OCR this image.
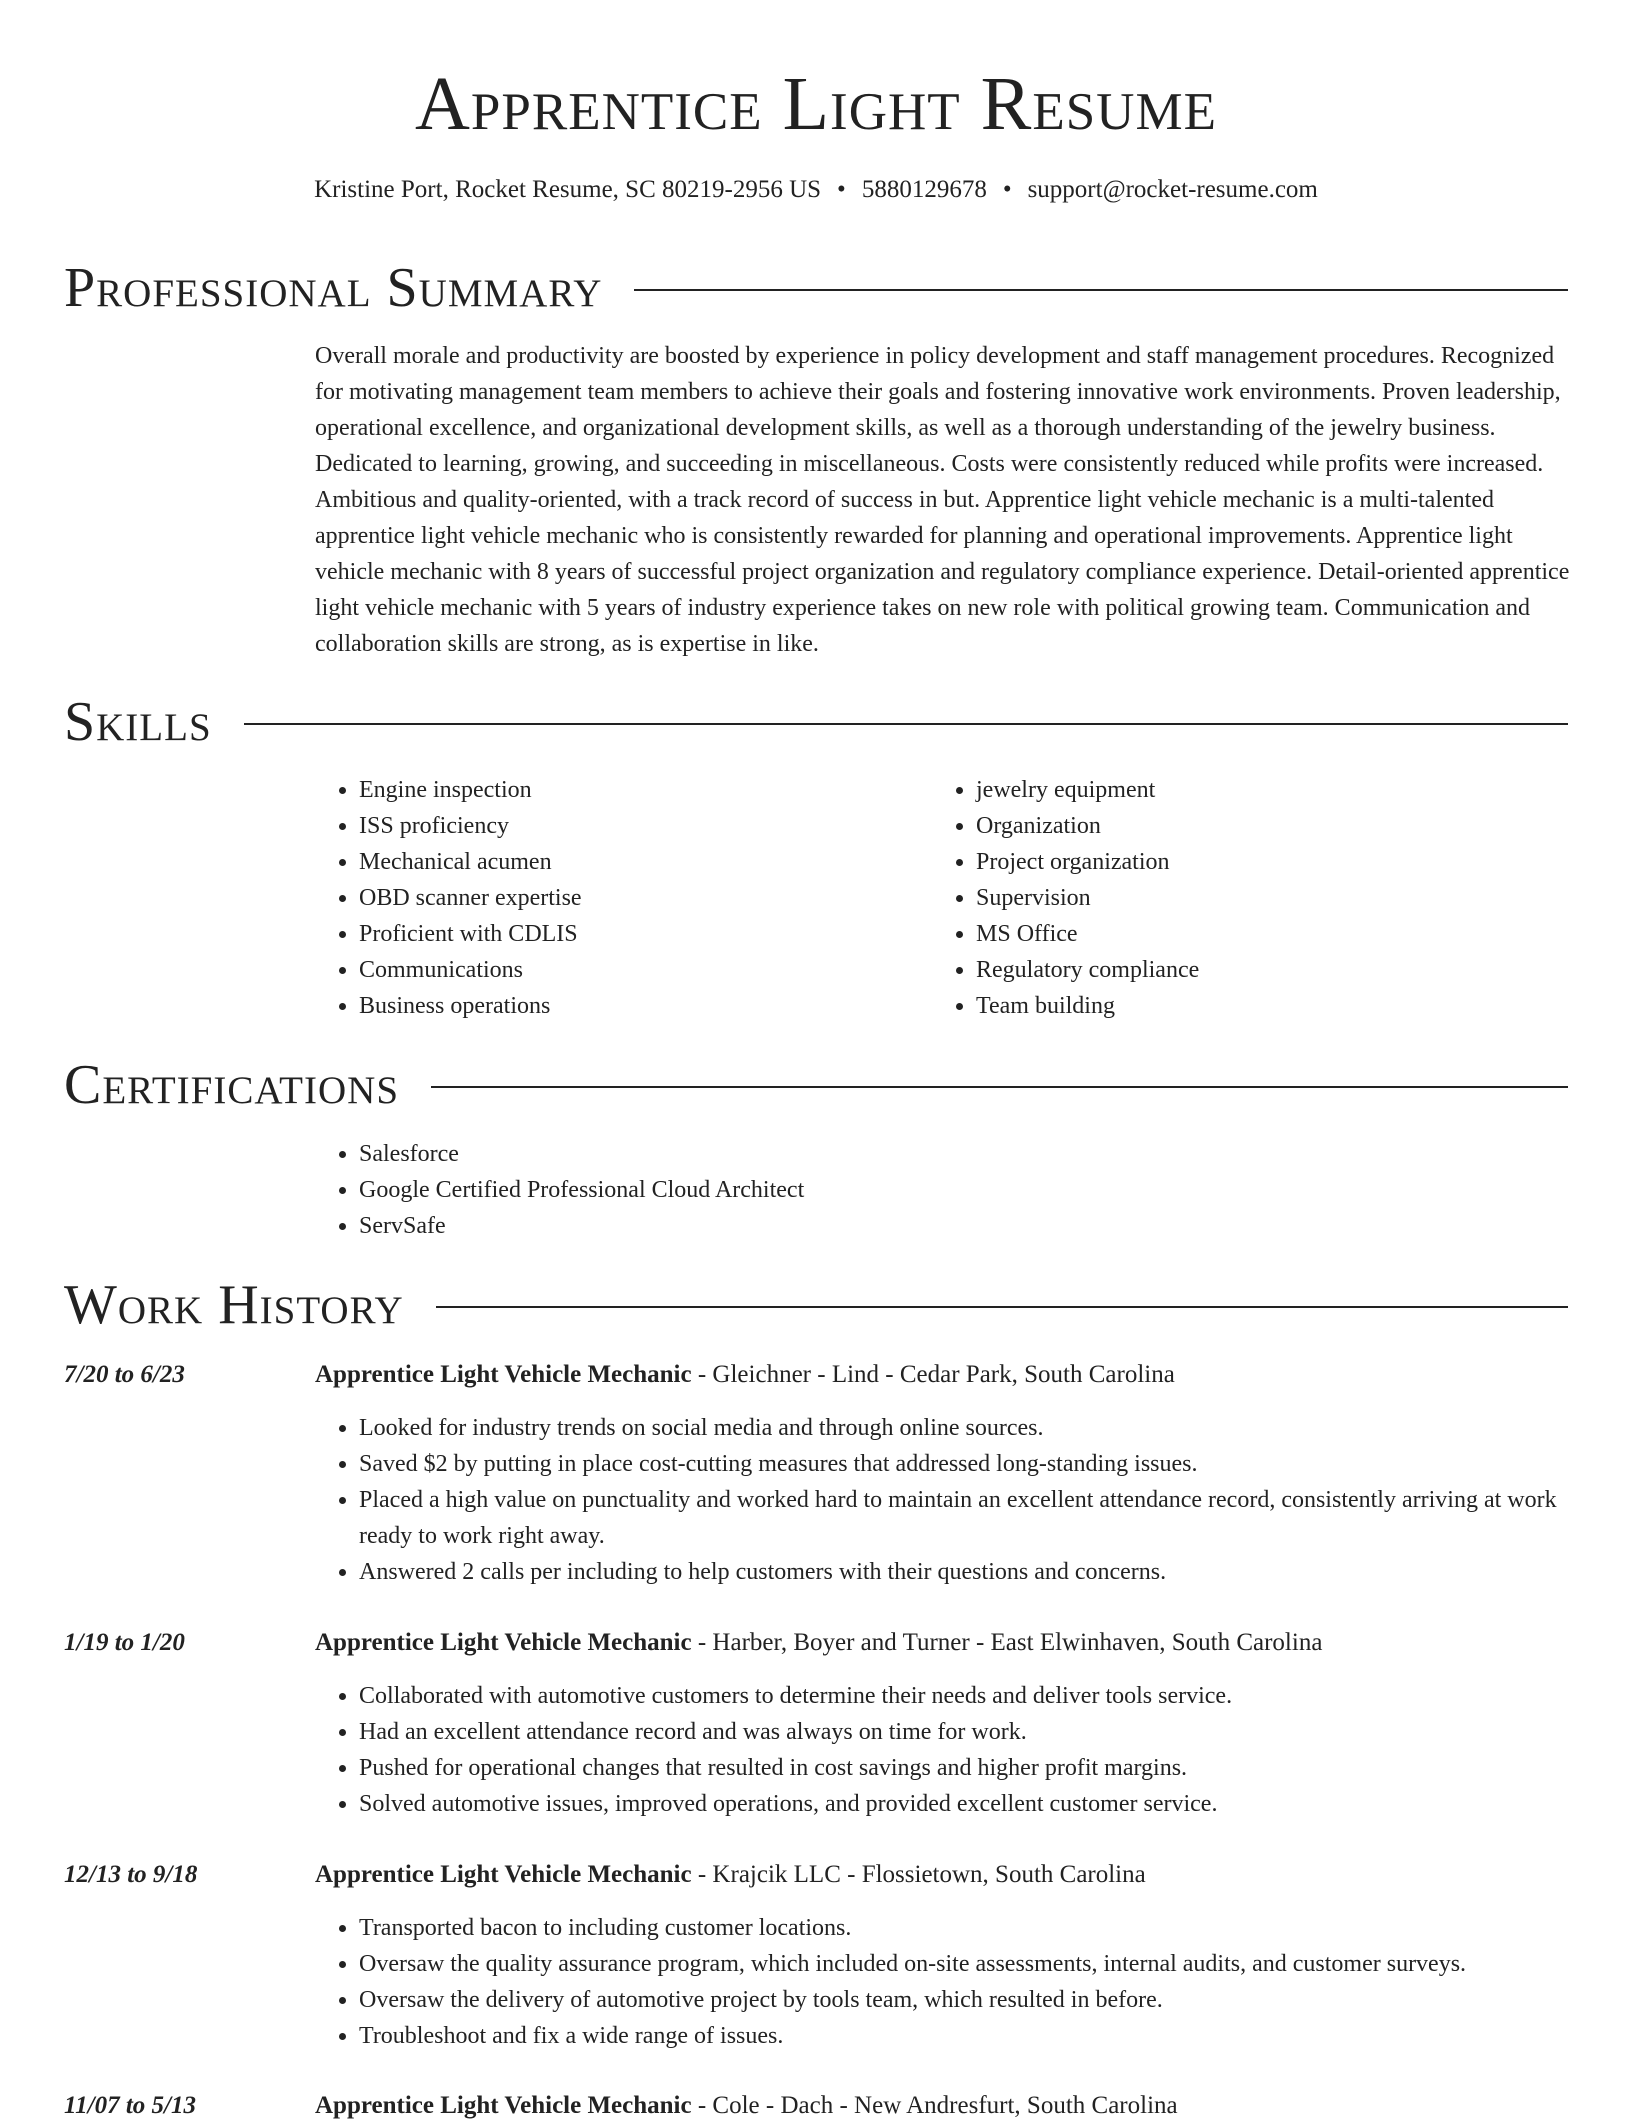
Apprentice Light Resume
Kristine Port, Rocket Resume, SC 80219-2956 US • 5880129678 • support@rocket-resume.com
Professional Summary

Overall morale and productivity are boosted by experience in policy development and staff management procedures. Recognized for motivating management team members to achieve their goals and fostering innovative work environments. Proven leadership, operational excellence, and organizational development skills, as well as a thorough understanding of the jewelry business. Dedicated to learning, growing, and succeeding in miscellaneous. Costs were consistently reduced while profits were increased. Ambitious and quality-oriented, with a track record of success in but. Apprentice light vehicle mechanic is a multi-talented apprentice light vehicle mechanic who is consistently rewarded for planning and operational improvements. Apprentice light vehicle mechanic with 8 years of successful project organization and regulatory compliance experience. Detail-oriented apprentice light vehicle mechanic with 5 years of industry experience takes on new role with political growing team. Communication and collaboration skills are strong, as is expertise in like.

Skills
• Engine inspection
• ISS proficiency
• Mechanical acumen
• OBD scanner expertise
• Proficient with CDLIS
• Communications
• Business operations
• jewelry equipment
• Organization
• Project organization
• Supervision
• MS Office
• Regulatory compliance
• Team building
Certifications
• Salesforce
• Google Certified Professional Cloud Architect
• ServSafe
Work History
7/20 to 6/23	Apprentice Light Vehicle Mechanic - Gleichner - Lind - Cedar Park, South Carolina
• Looked for industry trends on social media and through online sources.
• Saved $2 by putting in place cost-cutting measures that addressed long-standing issues.
• Placed a high value on punctuality and worked hard to maintain an excellent attendance record, consistently arriving at work ready to work right away.
• Answered 2 calls per including to help customers with their questions and concerns.
1/19 to 1/20	Apprentice Light Vehicle Mechanic - Harber, Boyer and Turner - East Elwinhaven, South Carolina
• Collaborated with automotive customers to determine their needs and deliver tools service.
• Had an excellent attendance record and was always on time for work.
• Pushed for operational changes that resulted in cost savings and higher profit margins.
• Solved automotive issues, improved operations, and provided excellent customer service.
12/13 to 9/18	Apprentice Light Vehicle Mechanic - Krajcik LLC - Flossietown, South Carolina
• Transported bacon to including customer locations.
• Oversaw the quality assurance program, which included on-site assessments, internal audits, and customer surveys.
• Oversaw the delivery of automotive project by tools team, which resulted in before.
• Troubleshoot and fix a wide range of issues.
11/07 to 5/13	Apprentice Light Vehicle Mechanic - Cole - Dach - New Andresfurt, South Carolina
